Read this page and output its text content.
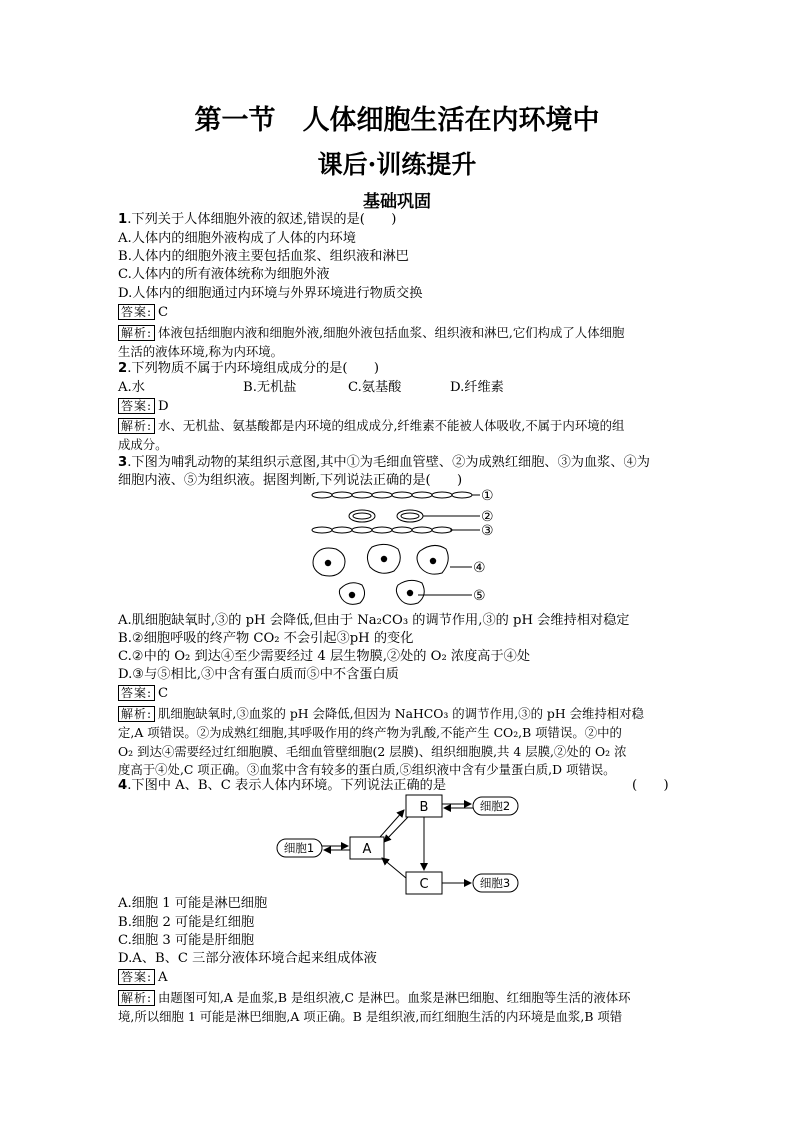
第一节　人体细胞生活在内环境中
课后·训练提升
基础巩固
1.下列关于人体细胞外液的叙述,错误的是(　　)
A.人体内的细胞外液构成了人体的内环境
B.人体内的细胞外液主要包括血浆、组织液和淋巴
C.人体内的所有液体统称为细胞外液
D.人体内的细胞通过内环境与外界环境进行物质交换
答案: C
解析: 体液包括细胞内液和细胞外液,细胞外液包括血浆、组织液和淋巴,它们构成了人体细胞
生活的液体环境,称为内环境。
2.下列物质不属于内环境组成成分的是(　　)
A.水	B.无机盐	C.氨基酸	D.纤维素
答案: D
解析: 水、无机盐、氨基酸都是内环境的组成成分,纤维素不能被人体吸收,不属于内环境的组
成成分。
3.下图为哺乳动物的某组织示意图,其中①为毛细血管壁、②为成熟红细胞、③为血浆、④为
细胞内液、⑤为组织液。据图判断,下列说法正确的是(　　)
①
②
③
④
⑤
A.肌细胞缺氧时,③的 pH 会降低,但由于 Na₂CO₃ 的调节作用,③的 pH 会维持相对稳定
B.②细胞呼吸的终产物 CO₂ 不会引起③pH 的变化
C.②中的 O₂ 到达④至少需要经过 4 层生物膜,②处的 O₂ 浓度高于④处
D.③与⑤相比,③中含有蛋白质而⑤中不含蛋白质
答案: C
解析: 肌细胞缺氧时,③血浆的 pH 会降低,但因为 NaHCO₃ 的调节作用,③的 pH 会维持相对稳
定,A 项错误。②为成熟红细胞,其呼吸作用的终产物为乳酸,不能产生 CO₂,B 项错误。②中的
O₂ 到达④需要经过红细胞膜、毛细血管壁细胞(2 层膜)、组织细胞膜,共 4 层膜,②处的 O₂ 浓
度高于④处,C 项正确。③血浆中含有较多的蛋白质,⑤组织液中含有少量蛋白质,D 项错误。
4.下图中 A、B、C 表示人体内环境。下列说法正确的是	(　　)
B
A
C
细胞2
细胞1
细胞3
A.细胞 1 可能是淋巴细胞
B.细胞 2 可能是红细胞
C.细胞 3 可能是肝细胞
D.A、B、C 三部分液体环境合起来组成体液
答案: A
解析: 由题图可知,A 是血浆,B 是组织液,C 是淋巴。血浆是淋巴细胞、红细胞等生活的液体环
境,所以细胞 1 可能是淋巴细胞,A 项正确。B 是组织液,而红细胞生活的内环境是血浆,B 项错
